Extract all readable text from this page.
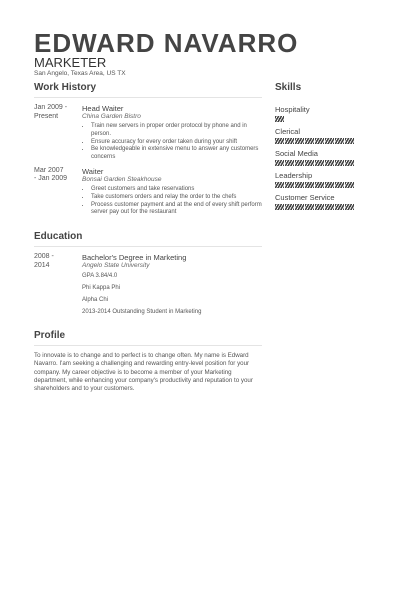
EDWARD NAVARRO
MARKETER
San Angelo, Texas Area, US TX
Work History
Jan 2009 -
Present
Head Waiter
China Garden Bistro
• Train new servers in proper order protocol by phone and in person.
• Ensure accuracy for every order taken during your shift
• Be knowledgeable in extensive menu to answer any customers concerns
Mar 2007
- Jan 2009
Waiter
Bonsai Garden Steakhouse
• Greet customers and take reservations
• Take customers orders and relay the order to the chefs
• Process customer payment and at the end of every shift perform server pay out for the restaurant
Education
2008 -
2014
Bachelor's Degree in Marketing
Angelo State University
GPA 3.84/4.0
Phi Kappa Phi
Alpha Chi
2013-2014 Outstanding Student in Marketing
Profile
To innovate is to change and to perfect is to change often. My name is Edward Navarro. I'am seeking a challenging and rewarding entry-level position for your company. My career objective is to become a member of your Marketing department, while enhancing your company's productivity and reputation to your shareholders and to your customers.
Skills
Hospitality
Clerical
Social Media
Leadership
Customer Service
